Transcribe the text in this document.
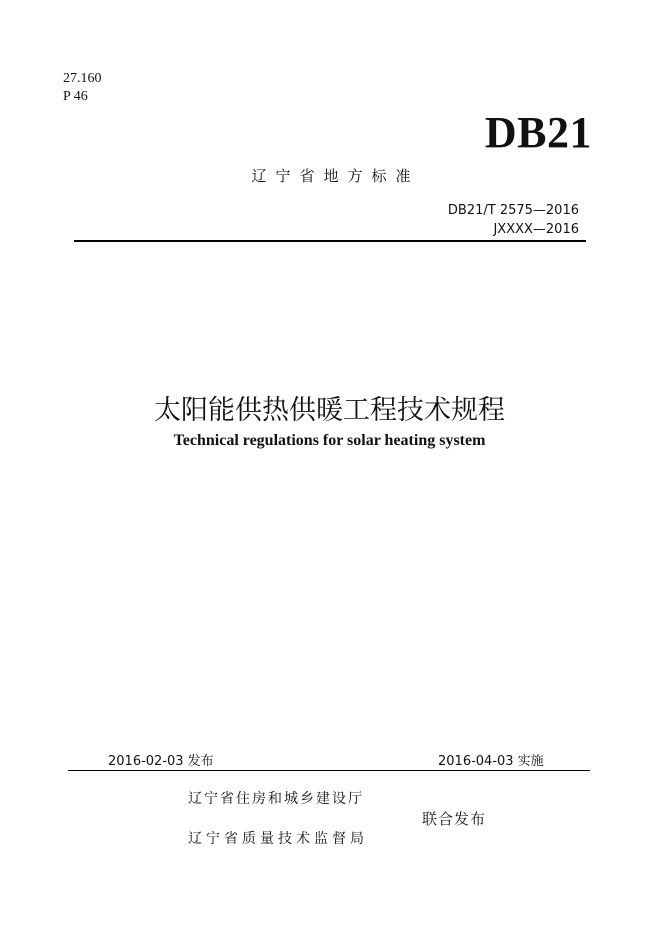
27.160
P 46
DB21
辽宁省地方标准
DB21/T 2575—2016
JXXXX—2016
太阳能供热供暖工程技术规程
Technical regulations for solar heating system
2016-02-03 发布	2016-04-03 实施
辽宁省住房和城乡建设厅
辽宁省质量技术监督局
联合发布
